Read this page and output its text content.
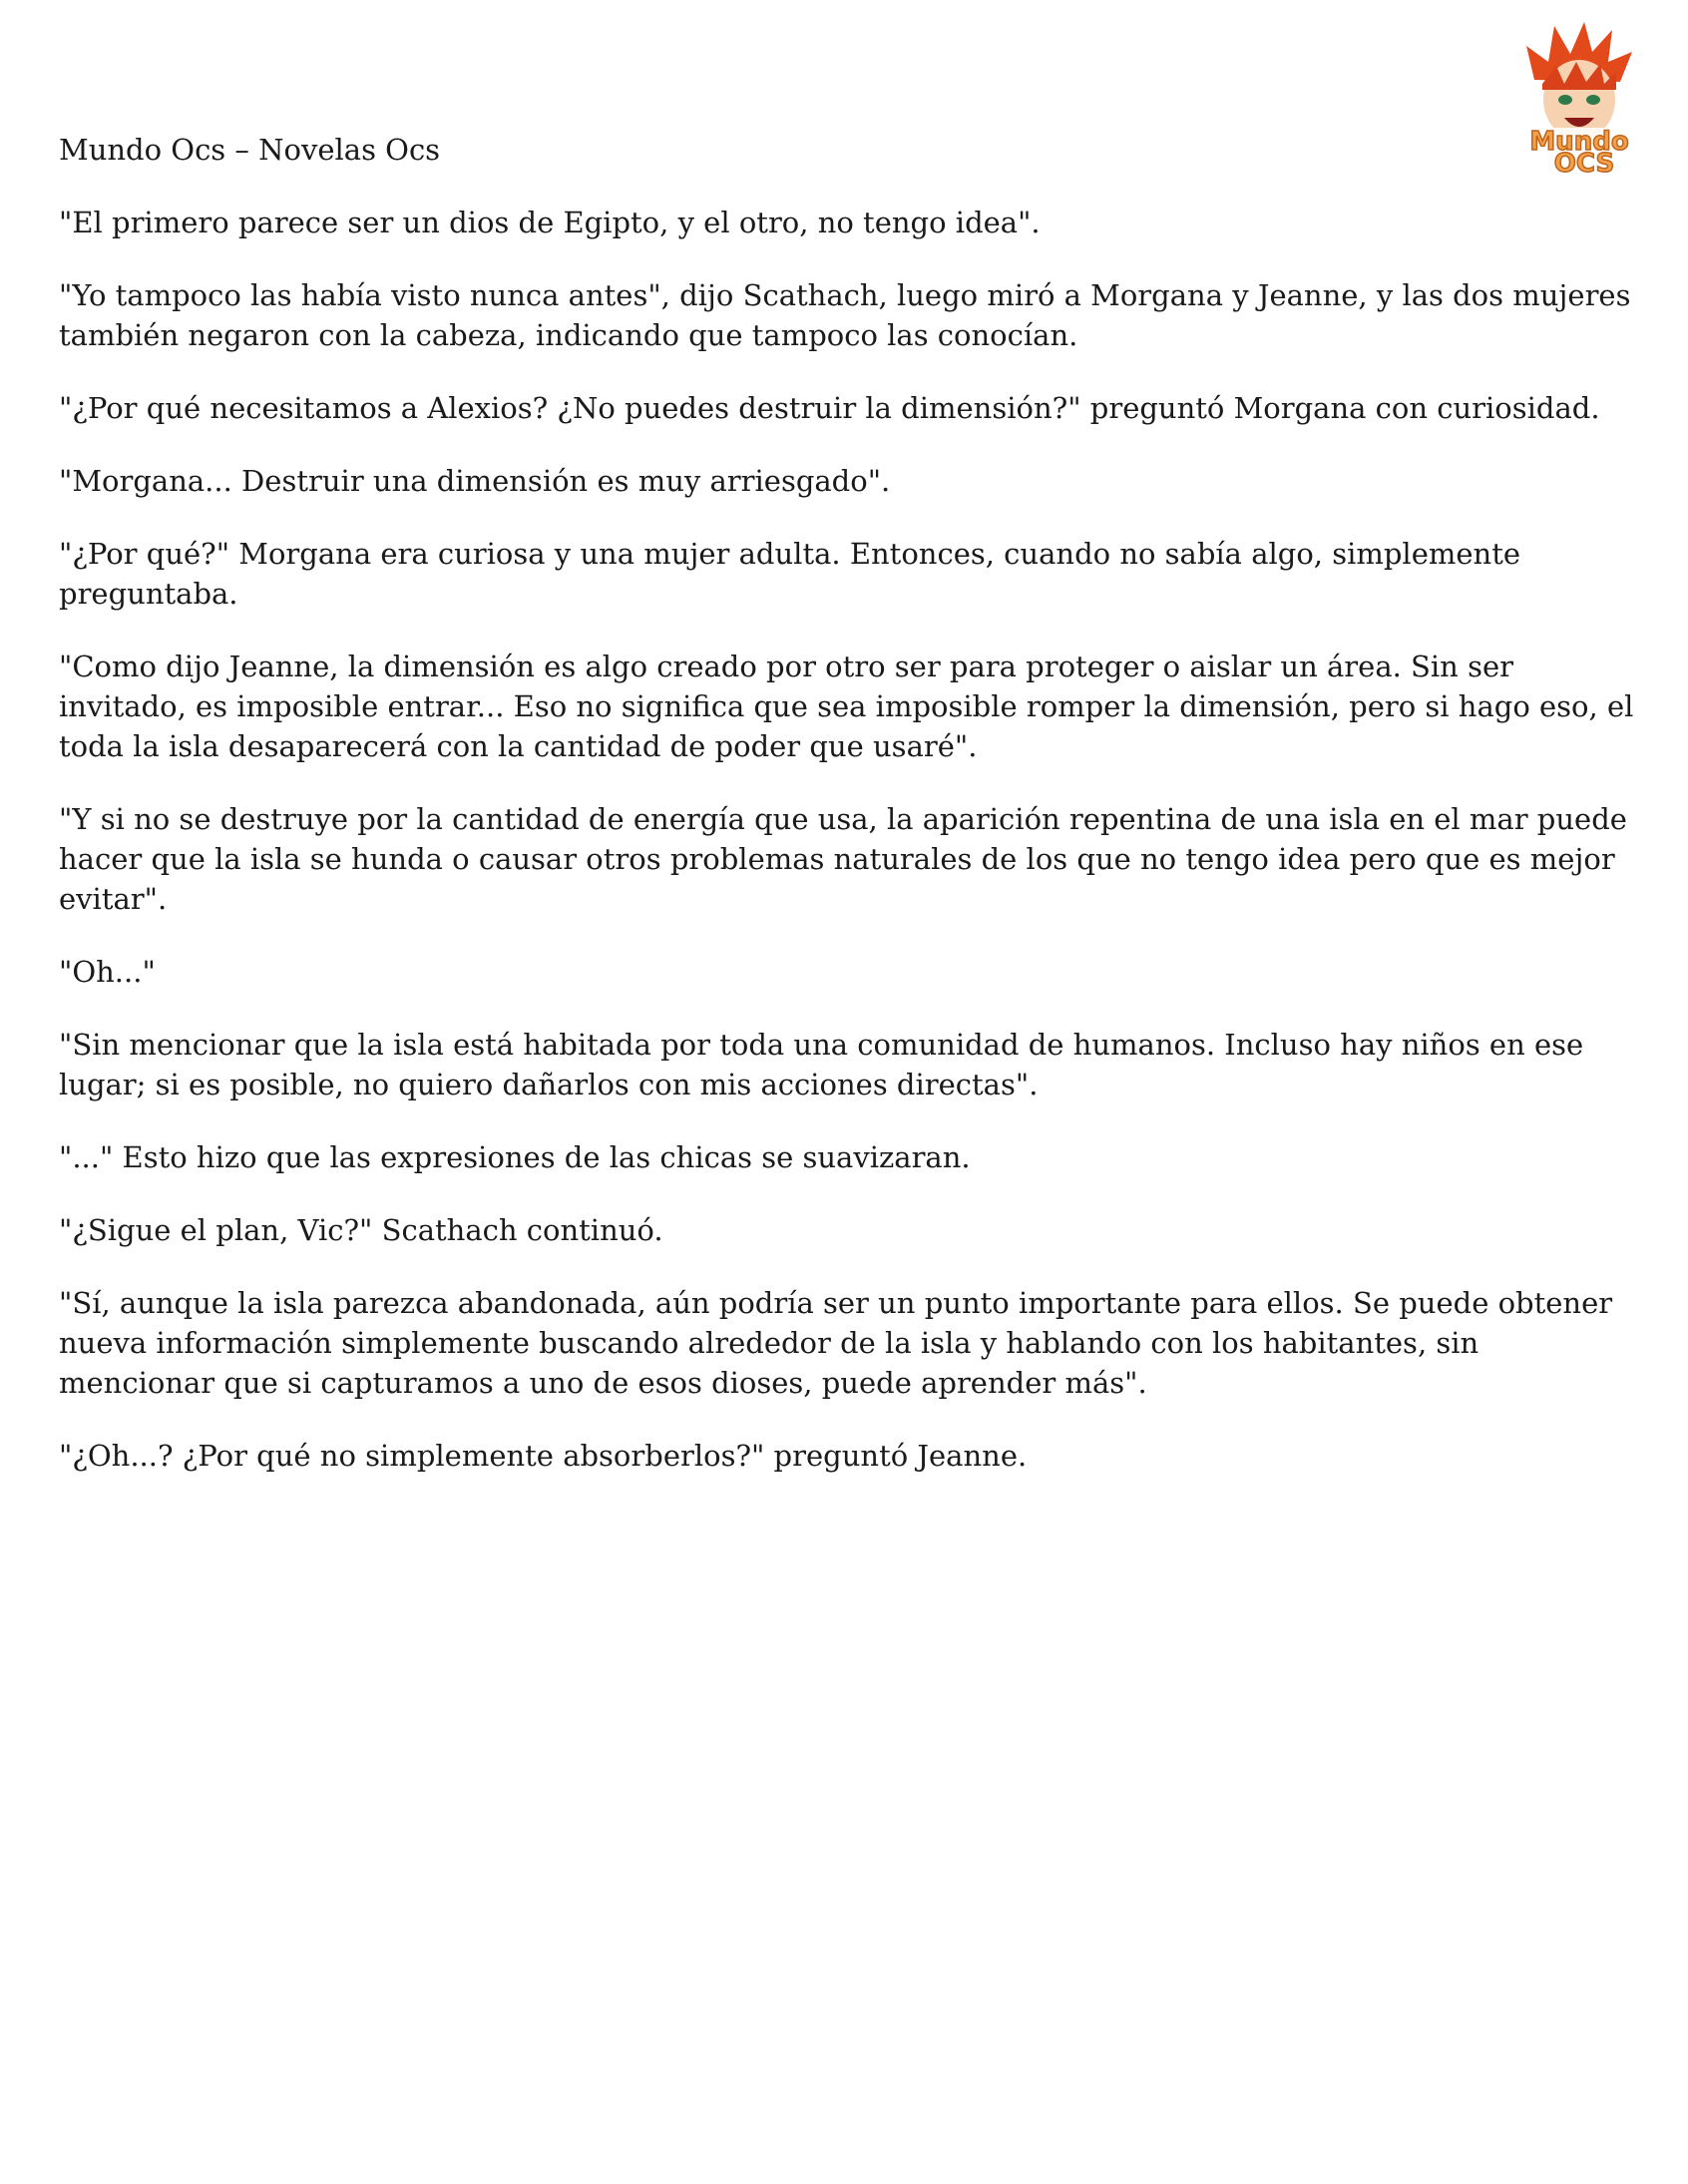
Mundo
OCS
Mundo Ocs – Novelas Ocs

"El primero parece ser un dios de Egipto, y el otro, no tengo idea".

"Yo tampoco las había visto nunca antes", dijo Scathach, luego miró a Morgana y Jeanne, y las dos mujeres también negaron con la cabeza, indicando que tampoco las conocían.

"¿Por qué necesitamos a Alexios? ¿No puedes destruir la dimensión?" preguntó Morgana con curiosidad.

"Morgana... Destruir una dimensión es muy arriesgado".

"¿Por qué?" Morgana era curiosa y una mujer adulta. Entonces, cuando no sabía algo, simplemente preguntaba.

"Como dijo Jeanne, la dimensión es algo creado por otro ser para proteger o aislar un área. Sin ser invitado, es imposible entrar... Eso no significa que sea imposible romper la dimensión, pero si hago eso, el toda la isla desaparecerá con la cantidad de poder que usaré".

"Y si no se destruye por la cantidad de energía que usa, la aparición repentina de una isla en el mar puede hacer que la isla se hunda o causar otros problemas naturales de los que no tengo idea pero que es mejor evitar".

"Oh..."

"Sin mencionar que la isla está habitada por toda una comunidad de humanos. Incluso hay niños en ese lugar; si es posible, no quiero dañarlos con mis acciones directas".

"..." Esto hizo que las expresiones de las chicas se suavizaran.

"¿Sigue el plan, Vic?" Scathach continuó.

"Sí, aunque la isla parezca abandonada, aún podría ser un punto importante para ellos. Se puede obtener nueva información simplemente buscando alrededor de la isla y hablando con los habitantes, sin mencionar que si capturamos a uno de esos dioses, puede aprender más".

"¿Oh...? ¿Por qué no simplemente absorberlos?" preguntó Jeanne.
